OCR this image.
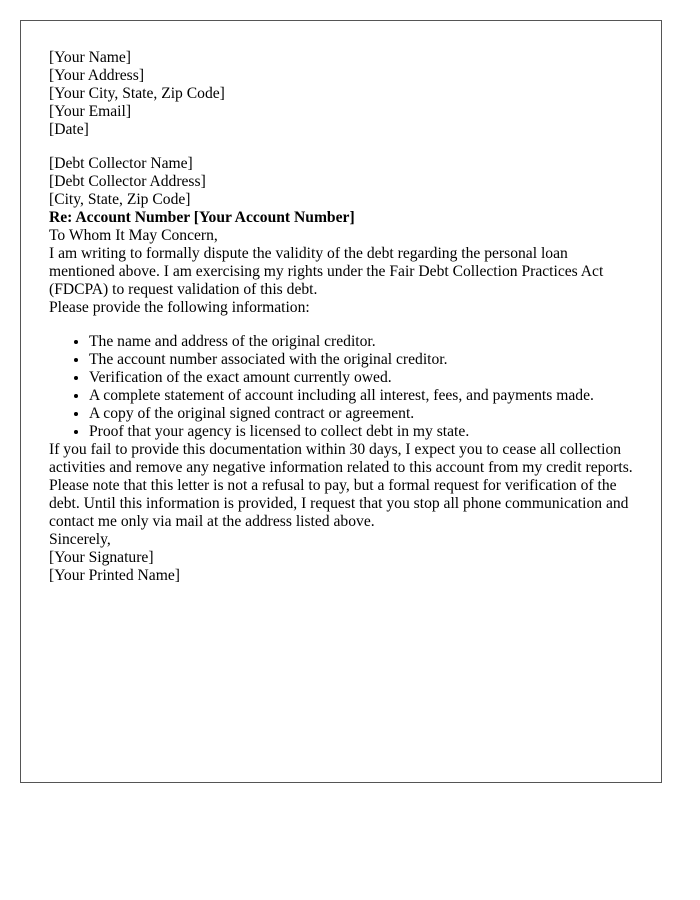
[Your Name]
[Your Address]
[Your City, State, Zip Code]
[Your Email]
[Date]
[Debt Collector Name]
[Debt Collector Address]
[City, State, Zip Code]

Re: Account Number [Your Account Number]

To Whom It May Concern,

I am writing to formally dispute the validity of the debt regarding the personal loan mentioned above. I am exercising my rights under the Fair Debt Collection Practices Act (FDCPA) to request validation of this debt.

Please provide the following information:

• The name and address of the original creditor.
• The account number associated with the original creditor.
• Verification of the exact amount currently owed.
• A complete statement of account including all interest, fees, and payments made.
• A copy of the original signed contract or agreement.
• Proof that your agency is licensed to collect debt in my state.

If you fail to provide this documentation within 30 days, I expect you to cease all collection activities and remove any negative information related to this account from my credit reports.

Please note that this letter is not a refusal to pay, but a formal request for verification of the debt. Until this information is provided, I request that you stop all phone communication and contact me only via mail at the address listed above.

Sincerely,

[Your Signature]

[Your Printed Name]
